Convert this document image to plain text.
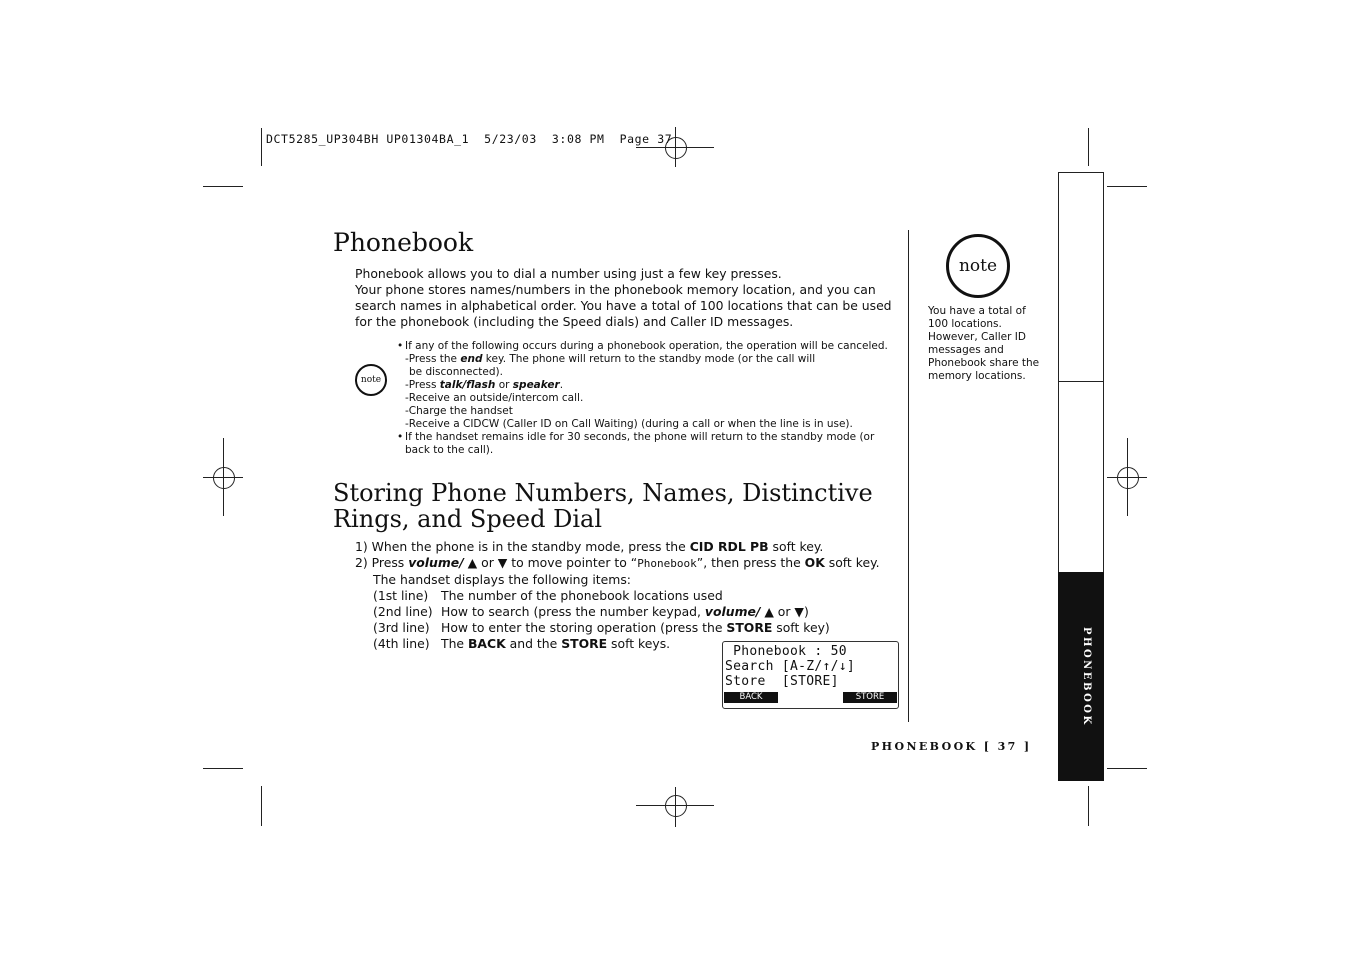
DCT5285_UP304BH UP01304BA_1  5/23/03  3:08 PM  Page 37
PHONEBOOK
Phonebook

Phonebook allows you to dial a number using just a few key presses.

Your phone stores names/numbers in the phonebook memory location, and you can search names in alphabetical order. You have a total of 100 locations that can be used for the phonebook (including the Speed dials) and Caller ID messages.

note
• If any of the following occurs during a phonebook operation, the operation will be canceled.
-Press the end key. The phone will return to the standby mode (or the call will
be disconnected).
-Press talk/flash or speaker.
-Receive an outside/intercom call.
-Charge the handset
-Receive a CIDCW (Caller ID on Call Waiting) (during a call or when the line is in use).
• If the handset remains idle for 30 seconds, the phone will return to the standby mode (or back to the call).
Storing Phone Numbers, Names, Distinctive Rings, and Speed Dial
1) When the phone is in the standby mode, press the CID RDL PB soft key.
2) Press volume/ ▲ or ▼ to move pointer to “Phonebook”, then press the OK soft key.
The handset displays the following items:
(1st line) The number of the phonebook locations used
(2nd line) How to search (press the number keypad, volume/ ▲ or ▼)
(3rd line) How to enter the storing operation (press the STORE soft key)
(4th line) The BACK and the STORE soft keys.
Phonebook : 50
Search [A-Z/↑/↓]
Store  [STORE]
BACK	STORE
note
You have a total of 100 locations. However, Caller ID messages and Phonebook share the memory locations.
PHONEBOOK [ 37 ]
